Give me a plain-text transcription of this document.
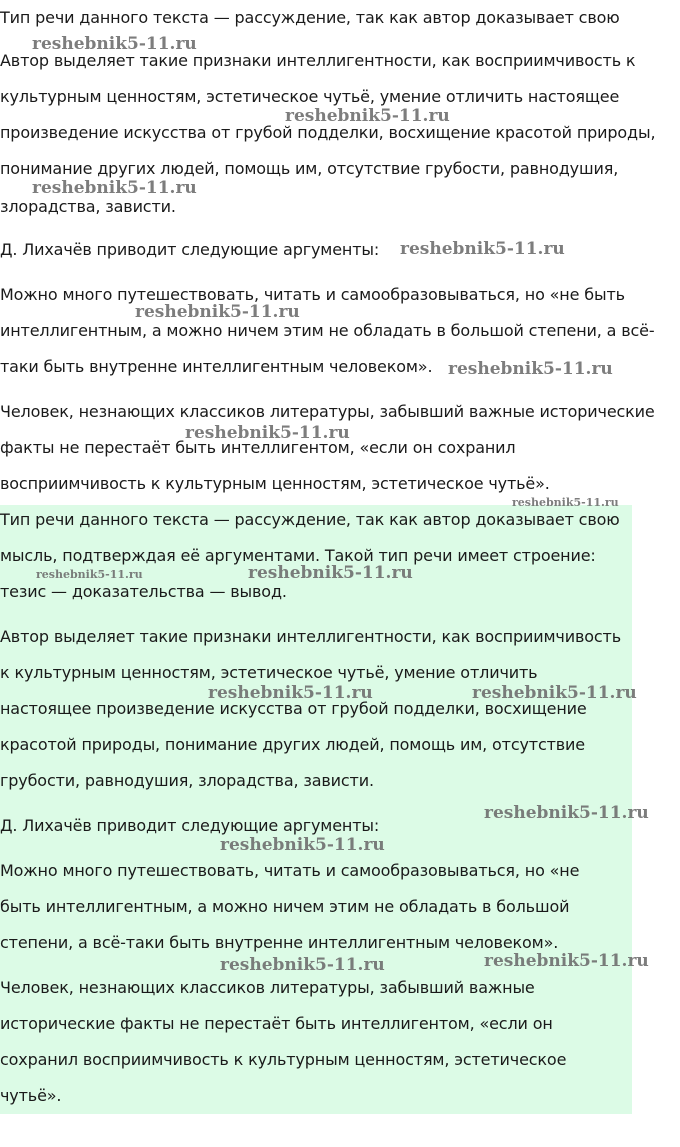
Тип речи данного текста — рассуждение, так как автор доказывает свою
Автор выделяет такие признаки интеллигентности, как восприимчивость к
культурным ценностям, эстетическое чутьё, умение отличить настоящее
произведение искусства от грубой подделки, восхищение красотой природы,
понимание других людей, помощь им, отсутствие грубости, равнодушия,
злорадства, зависти.
Д. Лихачёв приводит следующие аргументы:
Можно много путешествовать, читать и самообразовываться, но «не быть
интеллигентным, а можно ничем этим не обладать в большой степени, а всё-
таки быть внутренне интеллигентным человеком».
Человек, незнающих классиков литературы, забывший важные исторические
факты не перестаёт быть интеллигентом, «если он сохранил
восприимчивость к культурным ценностям, эстетическое чутьё».
Тип речи данного текста — рассуждение, так как автор доказывает свою
мысль, подтверждая её аргументами. Такой тип речи имеет строение:
тезис — доказательства — вывод.
Автор выделяет такие признаки интеллигентности, как восприимчивость
к культурным ценностям, эстетическое чутьё, умение отличить
настоящее произведение искусства от грубой подделки, восхищение
красотой природы, понимание других людей, помощь им, отсутствие
грубости, равнодушия, злорадства, зависти.
Д. Лихачёв приводит следующие аргументы:
Можно много путешествовать, читать и самообразовываться, но «не
быть интеллигентным, а можно ничем этим не обладать в большой
степени, а всё-таки быть внутренне интеллигентным человеком».
Человек, незнающих классиков литературы, забывший важные
исторические факты не перестаёт быть интеллигентом, «если он
сохранил восприимчивость к культурным ценностям, эстетическое
чутьё».
reshebnik5-11.ru
reshebnik5-11.ru
reshebnik5-11.ru
reshebnik5-11.ru
reshebnik5-11.ru
reshebnik5-11.ru
reshebnik5-11.ru
reshebnik5-11.ru
reshebnik5-11.ru	reshebnik5-11.ru
reshebnik5-11.ru	reshebnik5-11.ru
reshebnik5-11.ru
reshebnik5-11.ru
reshebnik5-11.ru	reshebnik5-11.ru
